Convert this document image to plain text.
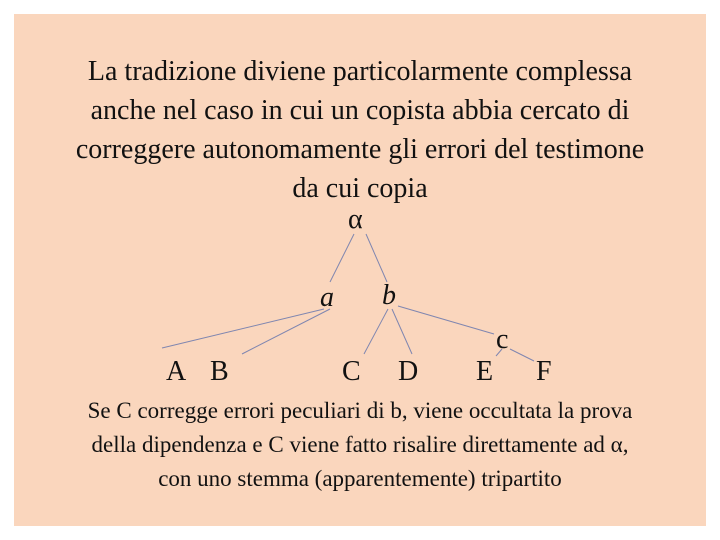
La tradizione diviene particolarmente complessa
anche nel caso in cui un copista abbia cercato di
correggere autonomamente gli errori del testimone
da cui copia
α
a b
c
A B	C D E F
Se C corregge errori peculiari di b, viene occultata la prova
della dipendenza e C viene fatto risalire direttamente ad α,
con uno stemma (apparentemente) tripartito
